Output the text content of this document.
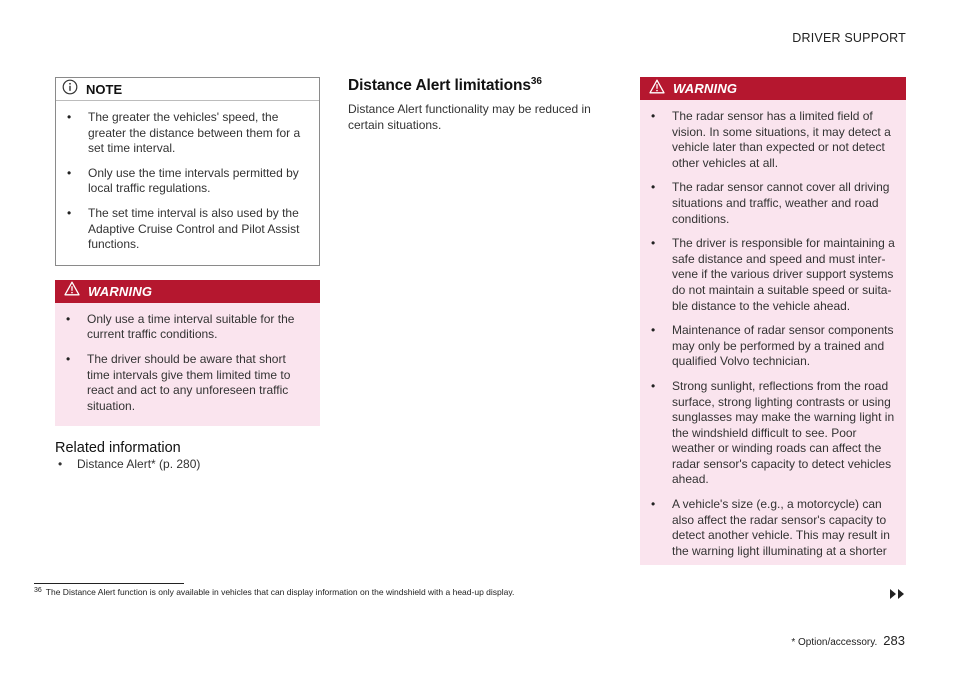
DRIVER SUPPORT
NOTE
• The greater the vehicles' speed, the greater the distance between them for a set time interval.
• Only use the time intervals permitted by local traffic regulations.
• The set time interval is also used by the Adaptive Cruise Control and Pilot Assist functions.
WARNING
• Only use a time interval suitable for the current traffic conditions.
• The driver should be aware that short time intervals give them limited time to react and act to any unforeseen traffic situation.
Related information
• Distance Alert* (p. 280)
Distance Alert limitations$^{36}$
Distance Alert functionality may be reduced in certain situations.
WARNING
• The radar sensor has a limited field of vision. In some situations, it may detect a vehicle later than expected or not detect other vehicles at all.
• The radar sensor cannot cover all driving situations and traffic, weather and road conditions.
• The driver is responsible for maintaining a safe distance and speed and must inter-vene if the various driver support systems do not maintain a suitable speed or suita-ble distance to the vehicle ahead.
• Maintenance of radar sensor components may only be performed by a trained and qualified Volvo technician.
• Strong sunlight, reflections from the road surface, strong lighting contrasts or using sunglasses may make the warning light in the windshield difficult to see. Poor weather or winding roads can affect the radar sensor's capacity to detect vehicles ahead.
• A vehicle's size (e.g., a motorcycle) can also affect the radar sensor's capacity to detect another vehicle. This may result in the warning light illuminating at a shorter
$^{36}$ The Distance Alert function is only available in vehicles that can display information on the windshield with a head-up display.
* Option/accessory. 283
